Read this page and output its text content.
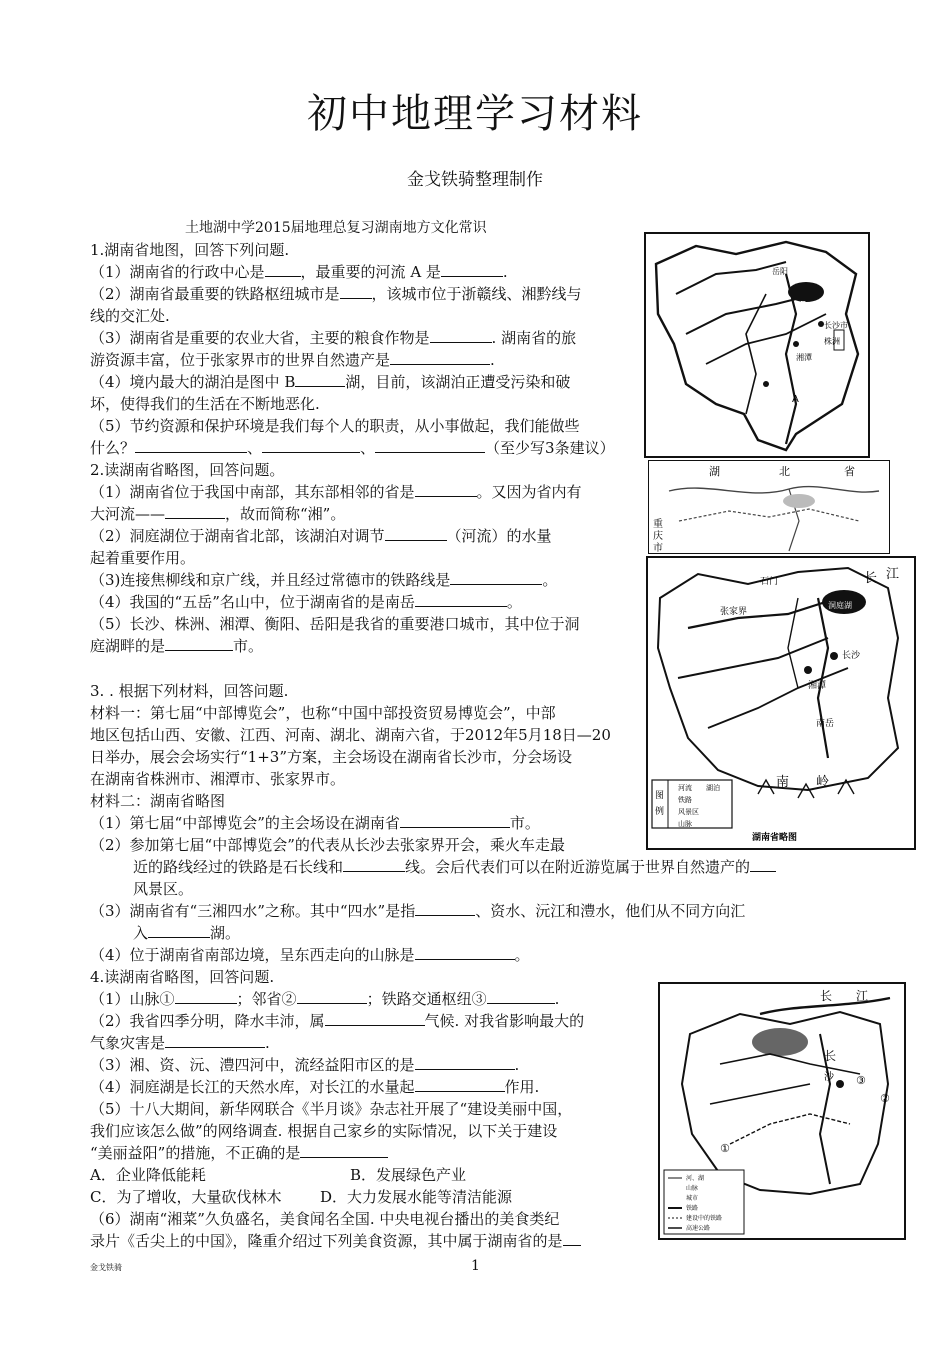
初中地理学习材料
金戈铁骑整理制作
土地湖中学2015届地理总复习湖南地方文化常识
1.湖南省地图，回答下列问题.
（1）湖南省的行政中心是 ，最重要的河流 A 是	.
（2）湖南省最重要的铁路枢纽城市是 ，该城市位于浙赣线、湘黔线与
线的交汇处.
（3）湖南省是重要的农业大省，主要的粮食作物是	. 湖南省的旅
游资源丰富，位于张家界市的世界自然遗产是	.
（4）境内最大的湖泊是图中 B	湖，目前，该湖泊正遭受污染和破
坏，使得我们的生活在不断地恶化.
（5）节约资源和保护环境是我们每个人的职责，从小事做起，我们能做些
什么？	、	、	（至少写3条建议）
2.读湖南省略图，回答问题。
（1）湖南省位于我国中南部，其东部相邻的省是	。又因为省内有
大河流——	，故而简称“湘”。
（2）洞庭湖位于湖南省北部，该湖泊对调节	（河流）的水量
起着重要作用。
（3)连接焦柳线和京广线，并且经过常德市的铁路线是	。
（4）我国的“五岳”名山中，位于湖南省的是南岳	。
（5）长沙、株洲、湘潭、衡阳、岳阳是我省的重要港口城市，其中位于洞
庭湖畔的是	市。
3. . 根据下列材料，回答问题.
材料一：第七届“中部博览会”，也称“中国中部投资贸易博览会”，中部
地区包括山西、安徽、江西、河南、湖北、湖南六省，于2012年5月18日—20
日举办，展会会场实行“1+3”方案，主会场设在湖南省长沙市，分会场设
在湖南省株洲市、湘潭市、张家界市。
材料二：湖南省略图
（1）第七届“中部博览会”的主会场设在湖南省	市。
（2）参加第七届“中部博览会”的代表从长沙去张家界开会，乘火车走最
近的路线经过的铁路是石长线和	线。会后代表们可以在附近游览属于世界自然遗产的
风景区。
（3）湖南省有“三湘四水”之称。其中“四水”是指	、资水、沅江和澧水，他们从不同方向汇
入	湖。
（4）位于湖南省南部边境，呈东西走向的山脉是	。
4.读湖南省略图，回答问题.
（1）山脉①	；邻省②	；铁路交通枢纽③	.
（2）我省四季分明，降水丰沛，属	气候. 对我省影响最大的
气象灾害是	.
（3）湘、资、沅、澧四河中，流经益阳市区的是	.
（4）洞庭湖是长江的天然水库，对长江的水量起	作用.
（5）十八大期间，新华网联合《半月谈》杂志社开展了“建设美丽中国，
我们应该怎么做”的网络调查. 根据自己家乡的实际情况，以下关于建设
“美丽益阳”的措施，不正确的是
A．企业降低能耗	B．发展绿色产业
C．为了增收，大量砍伐林木	D．大力发展水能等清洁能源
（6）湖南“湘菜”久负盛名，美食闻名全国. 中央电视台播出的美食类纪
录片《舌尖上的中国》，隆重介绍过下列美食资源，其中属于湖南省的是
岳阳
长沙市
株洲
湘潭
B
A
湖	北	省
重
庆
市
石门
张家界
长 江
洞庭湖
长沙
湘潭
南岳
南 岭
图
例
河流 湖泊
铁路
风景区
山脉
湖南省略图
长 江
长
沙
①
②
③
河、湖
山脉
城市
铁路
建设中的铁路
高速公路
金戈铁骑	1
